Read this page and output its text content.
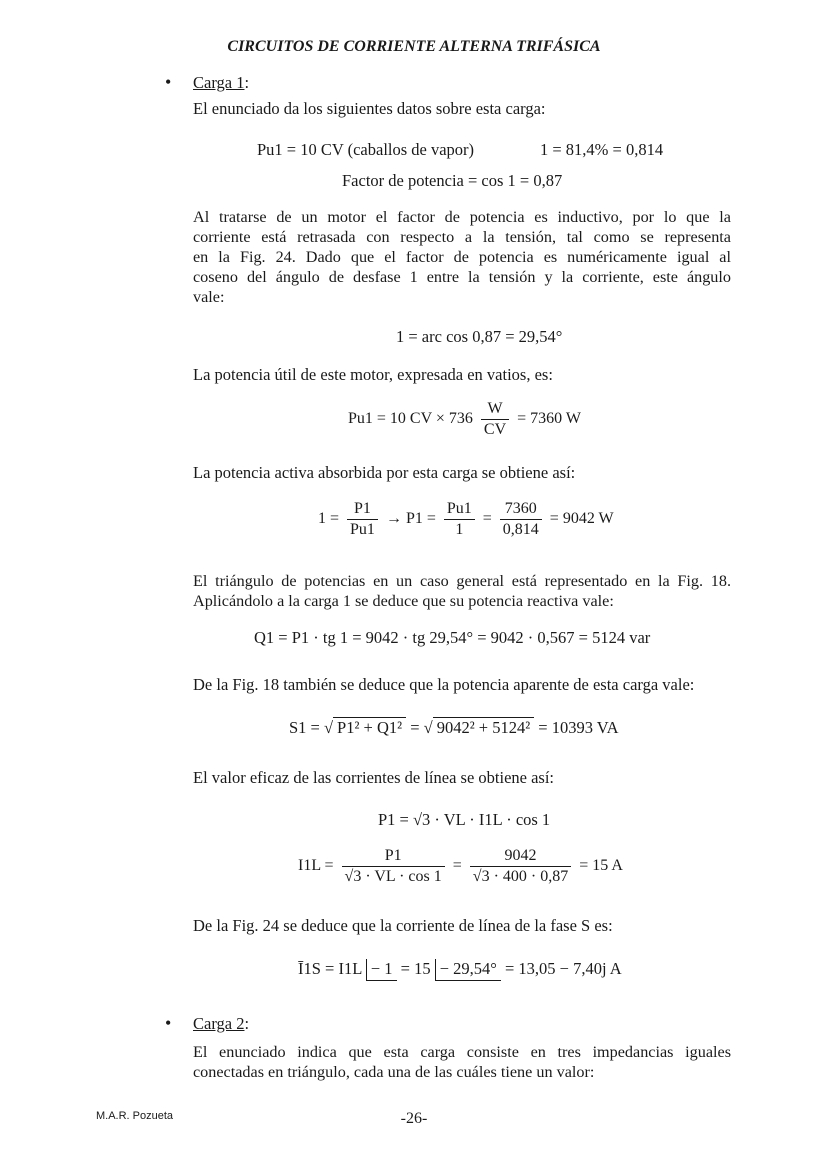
CIRCUITOS DE CORRIENTE ALTERNA TRIFÁSICA
• Carga 1:
El enunciado da los siguientes datos sobre esta carga:
Pu1 = 10 CV (caballos de vapor)	1 = 81,4% = 0,814
Factor de potencia = cos 1 = 0,87
Al tratarse de un motor el factor de potencia es inductivo, por lo que la
corriente está retrasada con respecto a la tensión, tal como se representa
en la Fig. 24. Dado que el factor de potencia es numéricamente igual al
coseno del ángulo de desfase 1 entre la tensión y la corriente, este ángulo
vale:
1 = arc cos 0,87 = 29,54°
La potencia útil de este motor, expresada en vatios, es:
Pu1 = 10 CV × $736 \frac{W}{CV} = 7360$ W
La potencia activa absorbida por esta carga se obtiene así:
$1 = \frac{P1}{Pu1} \to P1 = \frac{Pu1}{1} = \frac{7360}{0,814} = 9042$ W
El triángulo de potencias en un caso general está representado en la Fig. 18.
Aplicándolo a la carga 1 se deduce que su potencia reactiva vale:
Q1 = P1 · tg 1 = 9042 · tg 29,54° = 9042 · 0,567 = 5124 var
De la Fig. 18 también se deduce que la potencia aparente de esta carga vale:
S1 = √ P1² + Q1² = √ 9042² + 5124² = 10393 VA
El valor eficaz de las corrientes de línea se obtiene así:
P1 = √3 · VL · I1L · cos 1
$I1L = \frac{P1}{√3 \cdot VL \cdot \cos 1} = \frac{9042}{√3 \cdot 400 \cdot 0,87} = 15$ A
De la Fig. 24 se deduce que la corriente de línea de la fase S es:
Ī1S = I1L − 1 = 15 − 29,54° = 13,05 − 7,40j A
• Carga 2:
El enunciado indica que esta carga consiste en tres impedancias iguales
conectadas en triángulo, cada una de las cuáles tiene un valor:
M.A.R. Pozueta	-26-
